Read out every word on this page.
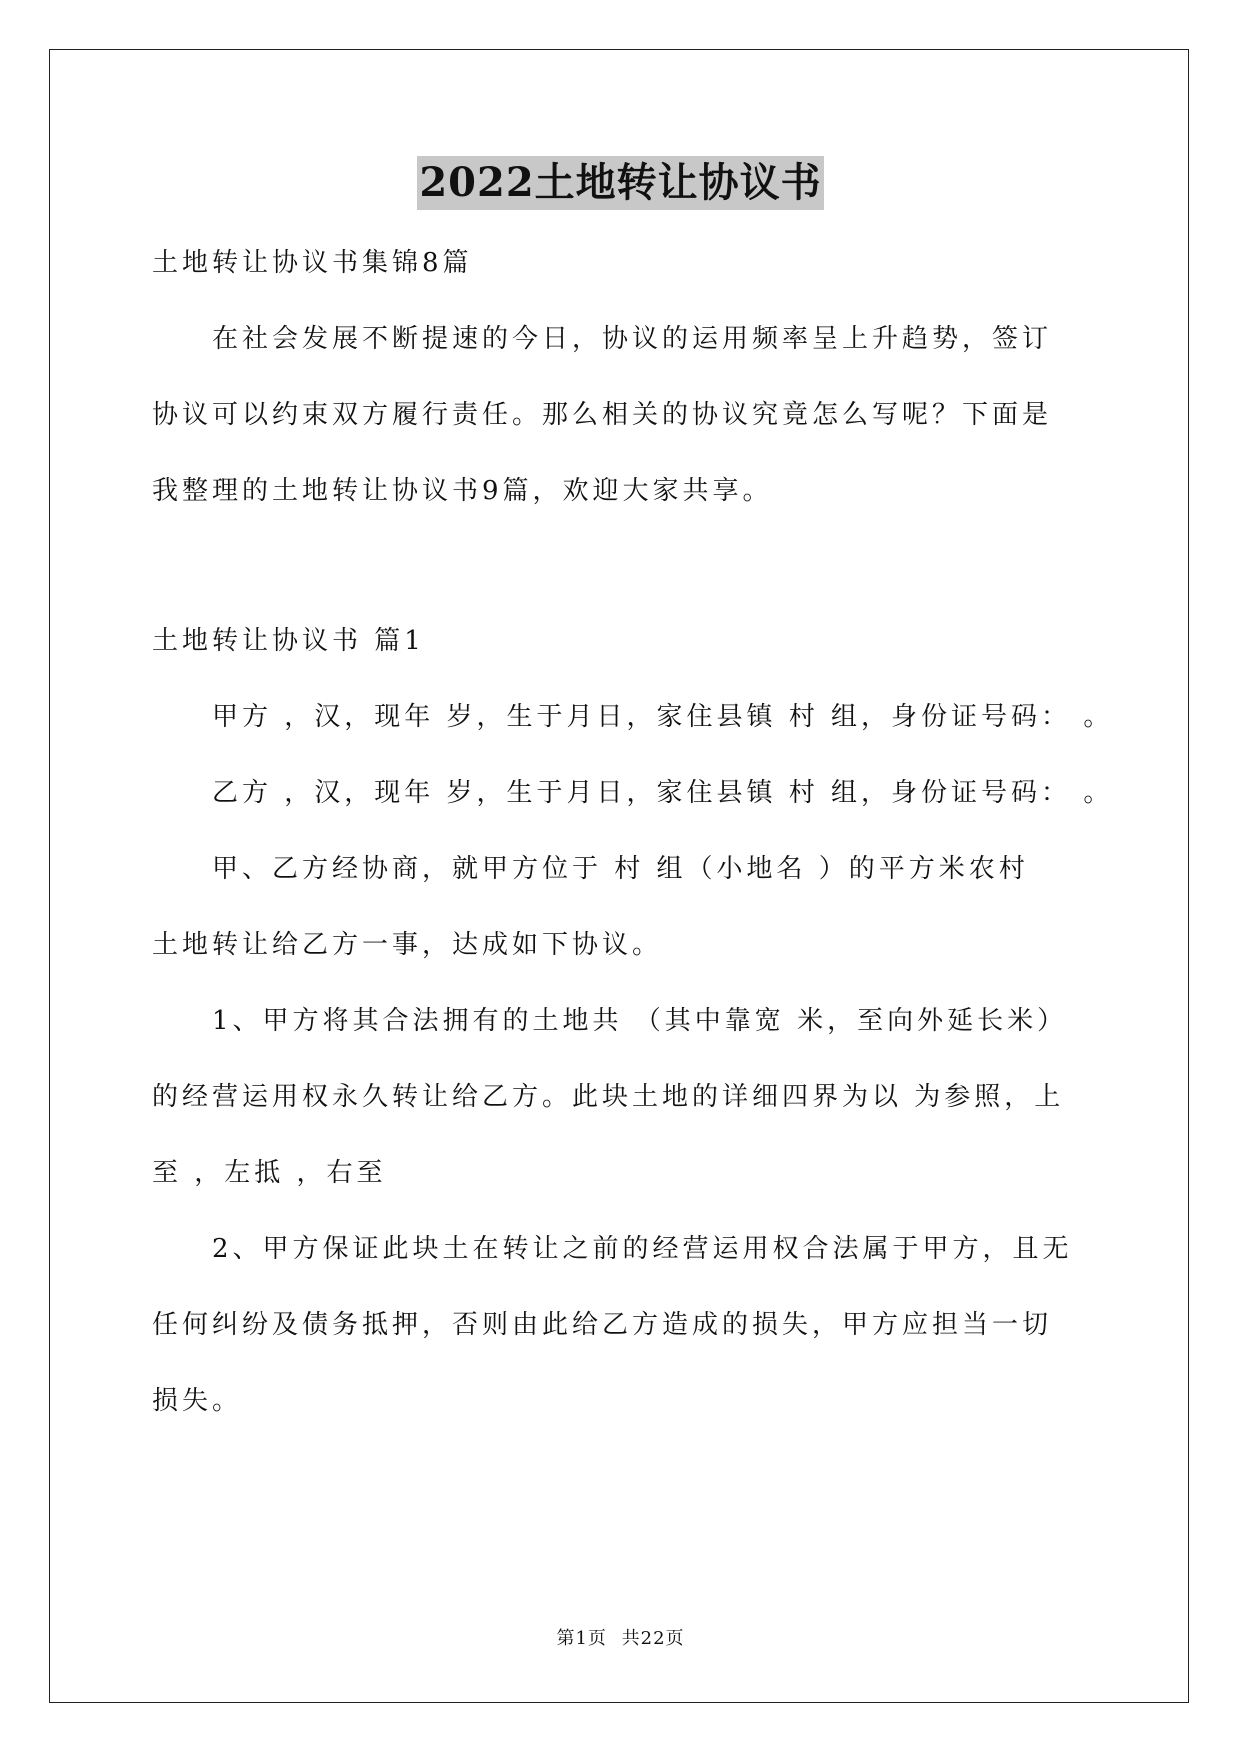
2022土地转让协议书
土地转让协议书集锦8篇
在社会发展不断提速的今日，协议的运用频率呈上升趋势，签订
协议可以约束双方履行责任。那么相关的协议究竟怎么写呢？下面是
我整理的土地转让协议书9篇，欢迎大家共享。
土地转让协议书 篇1
甲方 ，汉，现年 岁，生于月日，家住县镇 村 组，身份证号码： 。
乙方 ，汉，现年 岁，生于月日，家住县镇 村 组，身份证号码： 。
甲、乙方经协商，就甲方位于 村 组（小地名 ）的平方米农村
土地转让给乙方一事，达成如下协议。
1、甲方将其合法拥有的土地共 （其中靠宽 米，至向外延长米）
的经营运用权永久转让给乙方。此块土地的详细四界为以 为参照，上
至 ，左抵 ，右至
2、甲方保证此块土在转让之前的经营运用权合法属于甲方，且无
任何纠纷及债务抵押，否则由此给乙方造成的损失，甲方应担当一切
损失。
第1页 共22页
